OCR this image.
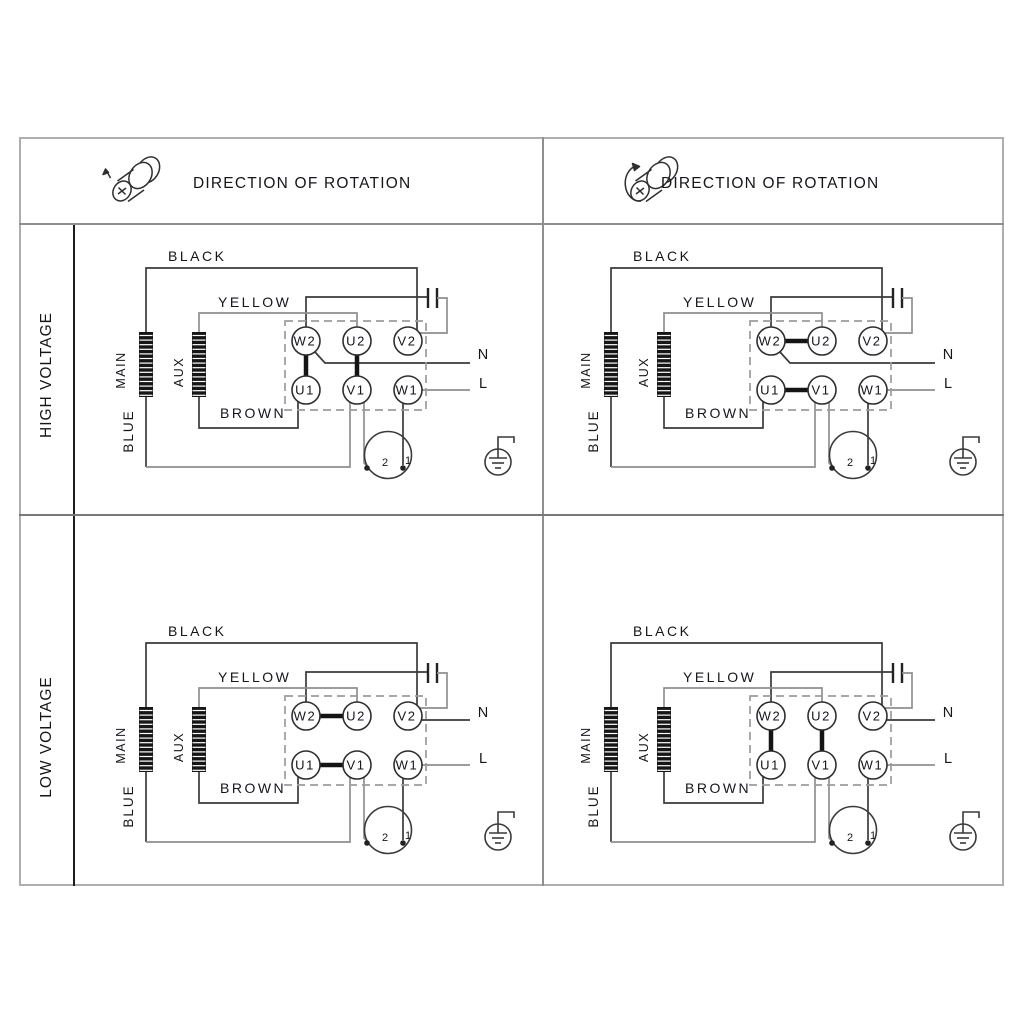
DIRECTION OF ROTATION	DIRECTION OF ROTATION
HIGH VOLTAGE
LOW VOLTAGE
W2 U2 V2
U1 V1 W1
2 1
BLACK
YELLOW
BROWN
MAIN	AUX
BLUE
N
L
W2 U2 V2
U1 V1 W1
2 1
BLACK
YELLOW
BROWN
MAIN	AUX
BLUE
N
L
W2 U2 V2
U1 V1 W1
2 1
BLACK
YELLOW
BROWN
MAIN	AUX
BLUE
N
L
W2 U2 V2
U1 V1 W1
2 1
BLACK
YELLOW
BROWN
MAIN	AUX
BLUE
N
L
